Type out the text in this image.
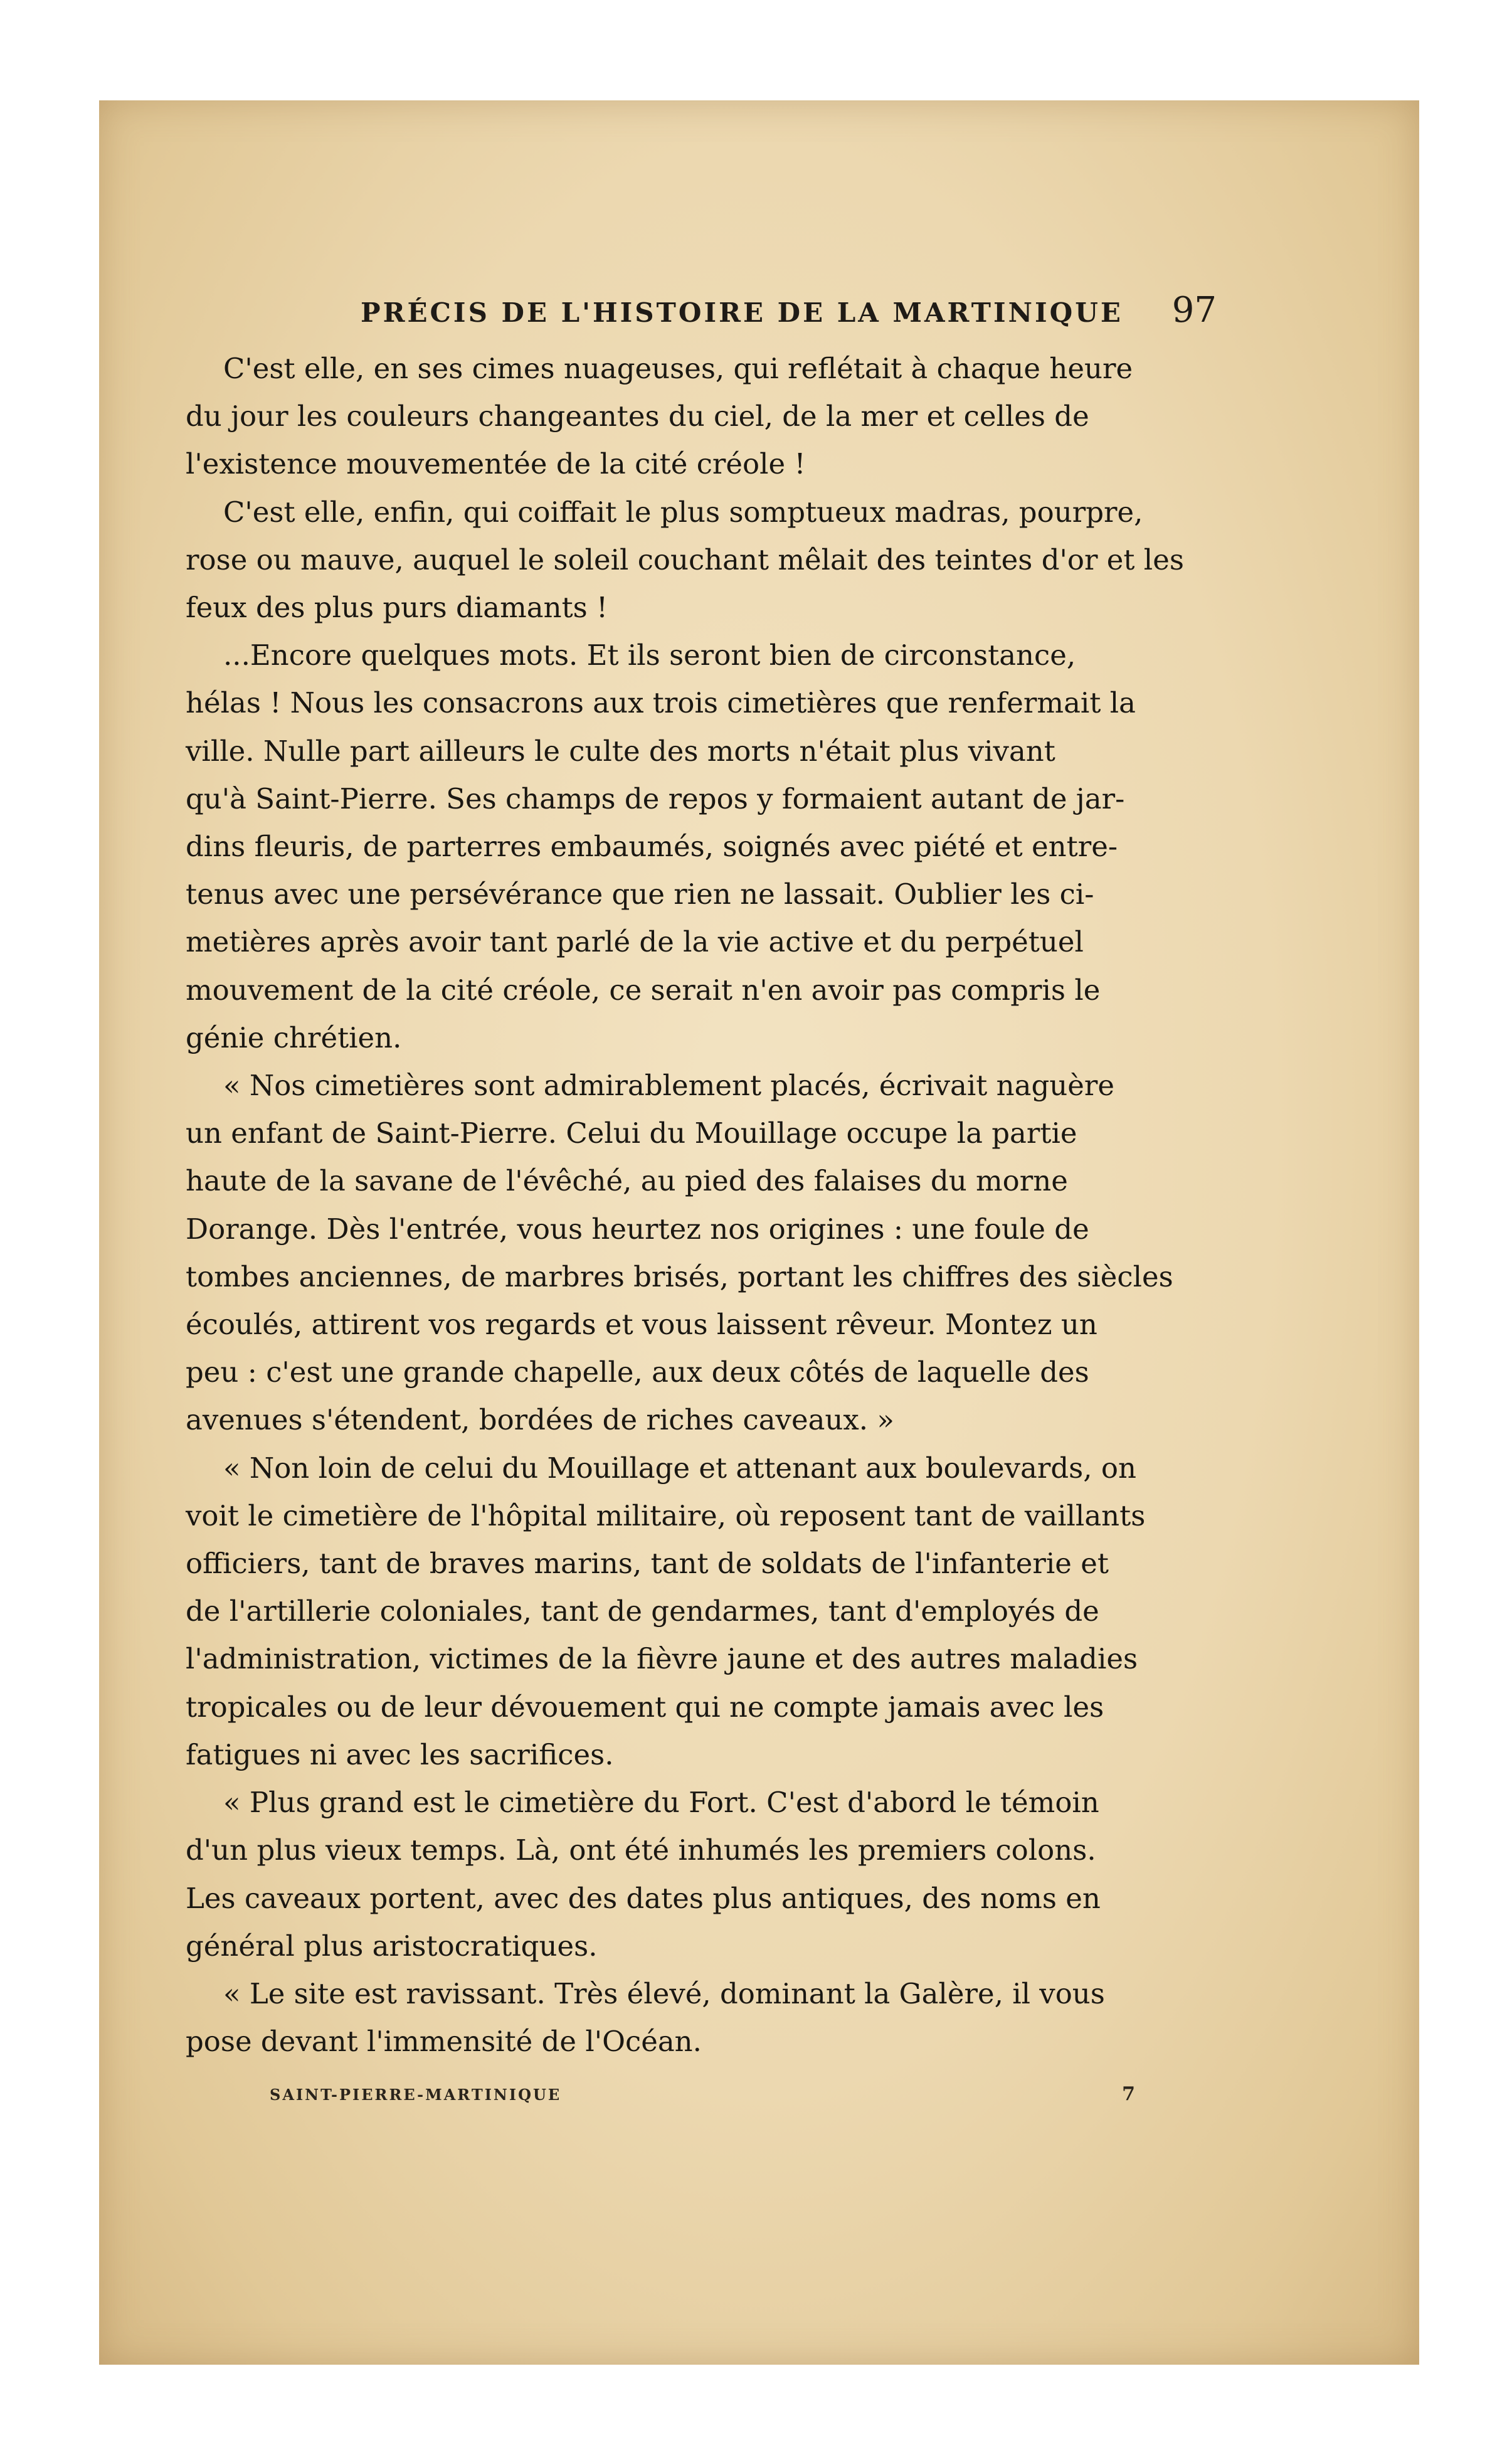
PRÉCIS DE L'HISTOIRE DE LA MARTINIQUE 97

C'est elle, en ses cimes nuageuses, qui reflétait à chaque heure
du jour les couleurs changeantes du ciel, de la mer et celles de
l'existence mouvementée de la cité créole !

C'est elle, enfin, qui coiffait le plus somptueux madras, pourpre,
rose ou mauve, auquel le soleil couchant mêlait des teintes d'or et les
feux des plus purs diamants !

...Encore quelques mots. Et ils seront bien de circonstance,
hélas ! Nous les consacrons aux trois cimetières que renfermait la
ville. Nulle part ailleurs le culte des morts n'était plus vivant
qu'à Saint-Pierre. Ses champs de repos y formaient autant de jar-
dins fleuris, de parterres embaumés, soignés avec piété et entre-
tenus avec une persévérance que rien ne lassait. Oublier les ci-
metières après avoir tant parlé de la vie active et du perpétuel
mouvement de la cité créole, ce serait n'en avoir pas compris le
génie chrétien.

« Nos cimetières sont admirablement placés, écrivait naguère
un enfant de Saint-Pierre. Celui du Mouillage occupe la partie
haute de la savane de l'évêché, au pied des falaises du morne
Dorange. Dès l'entrée, vous heurtez nos origines : une foule de
tombes anciennes, de marbres brisés, portant les chiffres des siècles
écoulés, attirent vos regards et vous laissent rêveur. Montez un
peu : c'est une grande chapelle, aux deux côtés de laquelle des
avenues s'étendent, bordées de riches caveaux. »

« Non loin de celui du Mouillage et attenant aux boulevards, on
voit le cimetière de l'hôpital militaire, où reposent tant de vaillants
officiers, tant de braves marins, tant de soldats de l'infanterie et
de l'artillerie coloniales, tant de gendarmes, tant d'employés de
l'administration, victimes de la fièvre jaune et des autres maladies
tropicales ou de leur dévouement qui ne compte jamais avec les
fatigues ni avec les sacrifices.

« Plus grand est le cimetière du Fort. C'est d'abord le témoin
d'un plus vieux temps. Là, ont été inhumés les premiers colons.
Les caveaux portent, avec des dates plus antiques, des noms en
général plus aristocratiques.

« Le site est ravissant. Très élevé, dominant la Galère, il vous
pose devant l'immensité de l'Océan.

SAINT-PIERRE-MARTINIQUE	7
